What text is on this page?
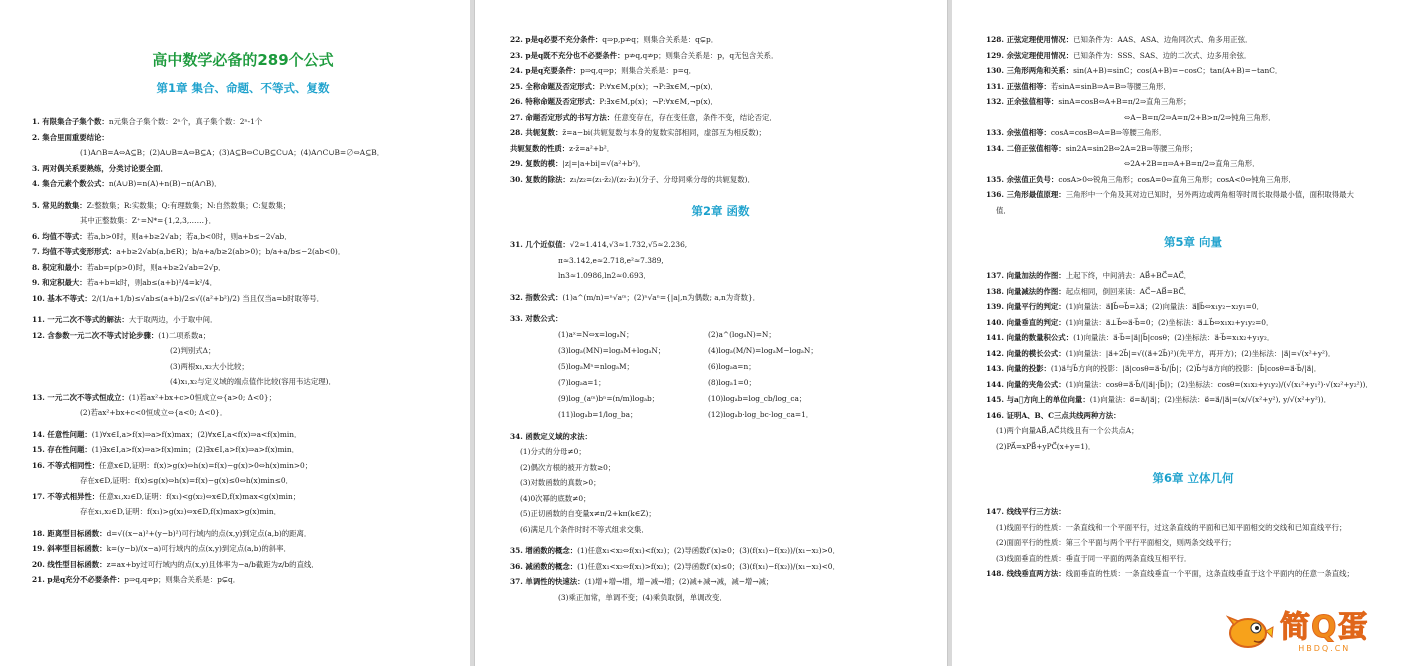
高中数学必备的289个公式
第1章 集合、命题、不等式、复数
1. 有限集合子集个数：n元集合子集个数：2ⁿ个，真子集个数：2ⁿ-1个
2. 集合里面重要结论：
(1)A∩B=A⇔A⊆B；(2)A∪B=A⇔B⊆A；(3)A⊆B⇔C∪B⊆C∪A；(4)A∩C∪B=∅⇔A⊆B．
3. 两对偶关系要熟练，分类讨论要全面．
4. 集合元素个数公式：n(A∪B)=n(A)+n(B)−n(A∩B)．
5. 常见的数集：Z:整数集；R:实数集；Q:有理数集；N:自然数集；C:复数集；
其中正整数集：Z⁺=N*={1,2,3,……}．
6. 均值不等式：若a,b>0时，则a+b≥2√ab；若a,b<0时，则a+b≤−2√ab．
7. 均值不等式变形形式：a+b≥2√ab(a,b∈R)；b/a+a/b≥2(ab>0)；b/a+a/b≤−2(ab<0)．
8. 积定和最小：若ab=p(p>0)时，则a+b≥2√ab=2√p．
9. 和定积最大：若a+b=k时，则ab≤(a+b)²/4=k²/4．
10. 基本不等式：2/(1/a+1/b)≤√ab≤(a+b)/2≤√((a²+b²)/2) 当且仅当a=b时取等号．
11. 一元二次不等式的解法：大于取两边，小于取中间．
12. 含参数一元二次不等式讨论步骤：(1)二项系数a；
(2)判别式Δ；
(3)两根x₁,x₂大小比较；
(4)x₁,x₂与定义域的端点值作比较(容用韦达定理)．
13. 一元二次不等式恒成立：(1)若ax²+bx+c>0恒成立⇔{a>0; Δ<0}；
(2)若ax²+bx+c<0恒成立⇔{a<0; Δ<0}．
14. 任意性问题：(1)∀x∈I,a>f(x)⇒a>f(x)max；(2)∀x∈I,a<f(x)⇒a<f(x)min．
15. 存在性问题：(1)∃x∈I,a>f(x)⇒a>f(x)min；(2)∃x∈I,a>f(x)⇒a>f(x)min．
16. 不等式相同性：任意x∈D,证明：f(x)>g(x)⇔h(x)=f(x)−g(x)>0⇔h(x)min>0；
存在x∈D,证明：f(x)≤g(x)⇔h(x)=f(x)−g(x)≤0⇔h(x)min≤0．
17. 不等式相异性：任意x₁,x₂∈D,证明：f(x₁)<g(x₂)⇔x∈D,f(x)max<g(x)min；
存在x₁,x₂∈D,证明：f(x₁)>g(x₂)⇔x∈D,f(x)max>g(x)min．
18. 距离型目标函数：d=√((x−a)²+(y−b)²)可行域内的点(x,y)到定点(a,b)的距离．
19. 斜率型目标函数：k=(y−b)/(x−a)可行域内的点(x,y)到定点(a,b)的斜率．
20. 线性型目标函数：z=ax+by过可行域内的点(x,y)且体率为−a/b截距为z/b的直线．
21. p是q充分不必要条件：p⇒q,q⇏p；则集合关系是：p⊊q．
22. p是q必要不充分条件：q⇒p,p⇏q；则集合关系是：q⊊p．
23. p是q既不充分也不必要条件：p⇏q,q⇏p；则集合关系是：p，q无包含关系．
24. p是q充要条件：p⇒q,q⇒p；则集合关系是：p=q．
25. 全称命题及否定形式：P:∀x∈M,p(x)；¬P:∃x∈M,¬p(x)．
26. 特称命题及否定形式：P:∃x∈M,p(x)；¬P:∀x∈M,¬p(x)．
27. 命题否定形式的书写方法：任意变存在，存在变任意，条件不变，结论否定．
28. 共轭复数：z̄=a−bi(共轭复数与本身的复数实部相同，虚部互为相反数)；
共轭复数的性质：z·z̄=a²+b²．
29. 复数的模：|z|=|a+bi|=√(a²+b²)．
30. 复数的除法：z₁/z₂=(z₁·z̄₂)/(z₂·z̄₂)(分子、分母同乘分母的共轭复数)．
第2章 函数
31. 几个近似值：√2≈1.414,√3≈1.732,√5≈2.236,
π≈3.142,e≈2.718,e²≈7.389,
ln3≈1.0986,ln2≈0.693．
32. 指数公式：(1)a^(m/n)=ⁿ√aᵐ；(2)ⁿ√aⁿ={|a|,n为偶数; a,n为奇数}．
33. 对数公式：
(1)aˣ=N⇔x=logₐN；	(2)a^(logₐN)=N；
(3)logₐ(MN)=logₐM+logₐN；	(4)logₐ(M/N)=logₐM−logₐN；
(5)logₐMⁿ=nlogₐM；	(6)logₐa=n；
(7)logₐa=1；	(8)logₐ1=0；
(9)log_(aᵐ)bⁿ=(n/m)logₐb；	(10)logₐb=log_cb/log_ca；
(11)logₐb=1/log_ba；	(12)logₐb·log_bc·log_ca=1．
34. 函数定义域的求法：
(1)分式的分母≠0；
(2)偶次方根的被开方数≥0；
(3)对数函数的真数>0；
(4)0次幂的底数≠0；
(5)正切函数的自变量x≠π/2+kπ(k∈Z)；
(6)满足几个条件时时不等式组求交集．
35. 增函数的概念：(1)任意x₁<x₂⇔f(x₁)<f(x₂)；(2)导函数f′(x)≥0；(3)(f(x₁)−f(x₂))/(x₁−x₂)>0．
36. 减函数的概念：(1)任意x₁<x₂⇔f(x₁)>f(x₂)；(2)导函数f′(x)≤0；(3)(f(x₁)−f(x₂))/(x₁−x₂)<0．
37. 单调性的快速法：(1)增+增→增，增−减→增；(2)减+减→减，减−增→减；
(3)乘正加常，单调不变；(4)乘负取倒，单调改变．
128. 正弦定理使用情况：已知条件为：AAS、ASA、边角同次式、角多用正弦．
129. 余弦定理使用情况：已知条件为：SSS、SAS、边的二次式、边多用余弦．
130. 三角形两角和关系：sin(A+B)=sinC；cos(A+B)=−cosC；tan(A+B)=−tanC．
131. 正弦值相等：若sinA=sinB⇒A=B⇒等腰三角形．
132. 正余弦值相等：sinA=cosB⇔A+B=π/2⇒直角三角形；
⇔A−B=π/2⇒A=π/2+B>π/2⇒钝角三角形．
133. 余弦值相等：cosA=cosB⇔A=B⇒等腰三角形．
134. 二倍正弦值相等：sin2A=sin2B⇔2A=2B⇒等腰三角形；
⇔2A+2B=π⇒A+B=π/2⇒直角三角形．
135. 余弦值正负号：cosA>0⇔锐角三角形；cosA=0⇔直角三角形；cosA<0⇔钝角三角形．
136. 三角形最值原理：三角形中一个角及其对边已知时，另外两边或两角相等时周长取得最小值，面积取得最大
值．
第5章 向量
137. 向量加法的作图：上起下终，中间消去：AB⃗+BC⃗=AC⃗．
138. 向量减法的作图：起点相同，倒回来读：AC⃗−AB⃗=BC⃗．
139. 向量平行的判定：(1)向量法：a⃗∥b⃗⇔b⃗=λa⃗；(2)向量法：a⃗∥b⃗⇔x₁y₂−x₂y₁=0．
140. 向量垂直的判定：(1)向量法：a⃗⊥b⃗⇔a⃗·b⃗=0；(2)坐标法：a⃗⊥b⃗⇔x₁x₂+y₁y₂=0．
141. 向量的数量积公式：(1)向量法：a⃗·b⃗=|a⃗||b⃗|cosθ；(2)坐标法：a⃗·b⃗=x₁x₂+y₁y₂．
142. 向量的模长公式：(1)向量法：|a⃗+2b⃗|=√((a⃗+2b⃗)²)(先平方，再开方)；(2)坐标法：|a⃗|=√(x²+y²)．
143. 向量的投影：(1)a⃗与b⃗方向的投影：|a⃗|cosθ=a⃗·b⃗/|b⃗|；(2)b⃗与a⃗方向的投影：|b⃗|cosθ=a⃗·b⃗/|a⃗|．
144. 向量的夹角公式：(1)向量法：cosθ=a⃗·b⃗/(|a⃗|·|b⃗|)；(2)坐标法：cosθ=(x₁x₂+y₁y₂)/(√(x₁²+y₁²)·√(x₂²+y₂²))．
145. 与a⃗方向上的单位向量：(1)向量法：e⃗=a⃗/|a⃗|；(2)坐标法：e⃗=a⃗/|a⃗|=(x/√(x²+y²), y/√(x²+y²))．
146. 证明A、B、C三点共线两种方法：
(1)两个向量AB⃗,AC⃗共线且有一个公共点A；
(2)PA⃗=xPB⃗+yPC⃗(x+y=1)．
第6章 立体几何
147. 线线平行三方法：
(1)线面平行的性质：一条直线和一个平面平行，过这条直线的平面和已知平面相交的交线和已知直线平行；
(2)面面平行的性质：第三个平面与两个平行平面相交，则两条交线平行；
(3)线面垂直的性质：垂直于同一平面的两条直线互相平行．
148. 线线垂直两方法：线面垂直的性质：一条直线垂直一个平面，这条直线垂直于这个平面内的任意一条直线；
简Q蛋
HBDQ.CN
